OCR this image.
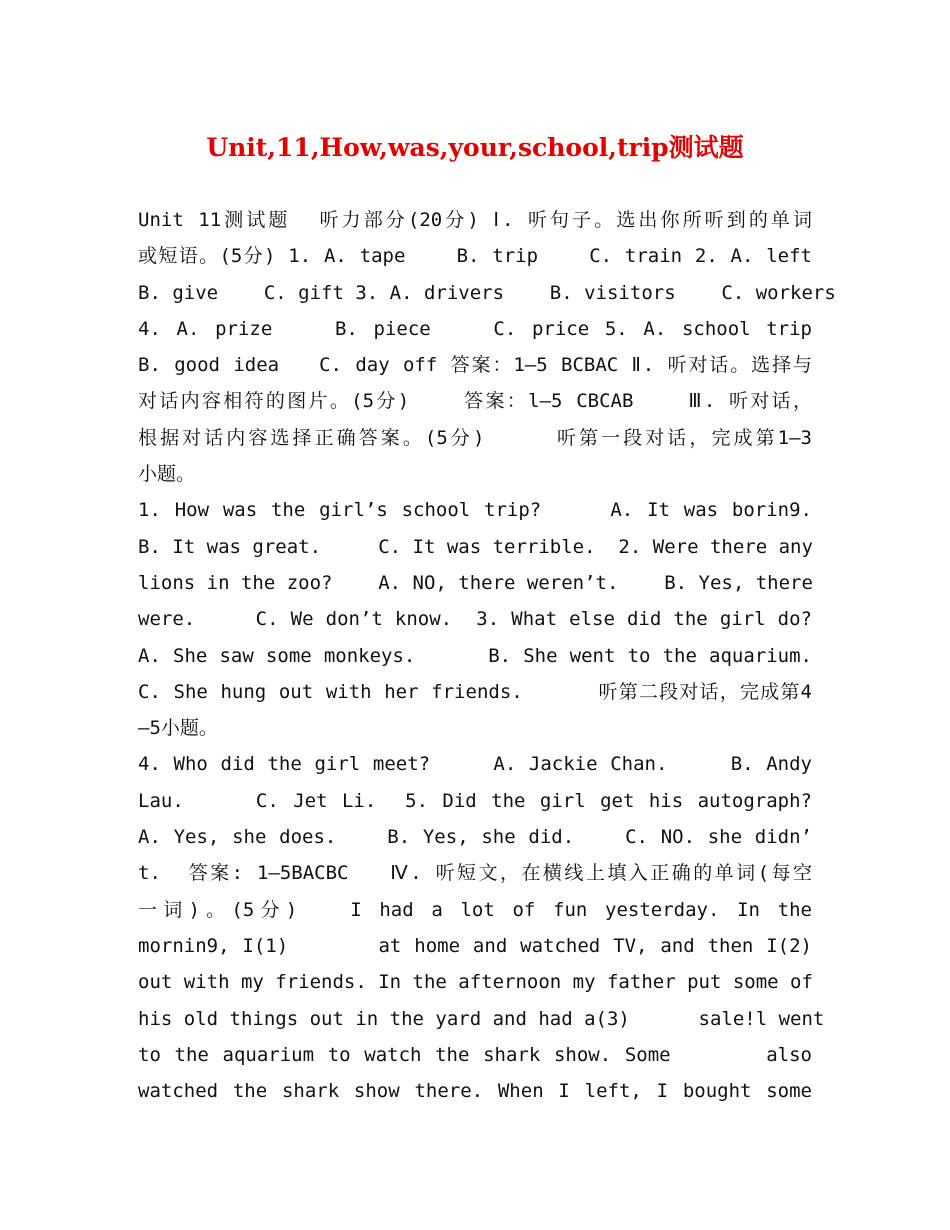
Unit,11,How,was,your,school,trip测试题
Unit 11测试题  听力部分(20分) Ⅰ. 听句子。选出你所听到的单词
或短语。(5分) 1. A. tape    B. trip    C. train 2. A. left
B. give    C. gift 3. A. drivers    B. visitors    C. workers
4. A. prize    B. piece    C. price 5. A. school trip
B. good idea   C. day off 答案：1—5 BCBAC Ⅱ. 听对话。选择与
对话内容相符的图片。(5分)    答案：l—5 CBCAB    Ⅲ. 听对话，
根据对话内容选择正确答案。(5分)     听第一段对话，完成第1—3
小题。
1. How was the girl’s school trip?     A. It was borin9.
B. It was great.     C. It was terrible.  2. Were there any
lions in the zoo?    A. NO, there weren’t.    B. Yes, there
were.     C. We don’t know.  3. What else did the girl do?
A. She saw some monkeys.      B. She went to the aquarium.
C. She hung out with her friends.      听第二段对话，完成第4
—5小题。
4. Who did the girl meet?     A. Jackie Chan.     B. Andy
Lau.     C. Jet Li.  5. Did the girl get his autograph?
A. Yes, she does.    B. Yes, she did.    C. NO. she didn’
t.  答案: 1—5BACBC   Ⅳ. 听短文，在横线上填入正确的单词(每空
一词)。(5分)   I had a lot of fun yesterday. In the
mornin9, I(1)       at home and watched TV, and then I(2)
out with my friends. In the afternoon my father put some of
his old things out in the yard and had a(3)      sale!l went
to the aquarium to watch the shark show. Some       also
watched the shark show there. When I left, I bought some
